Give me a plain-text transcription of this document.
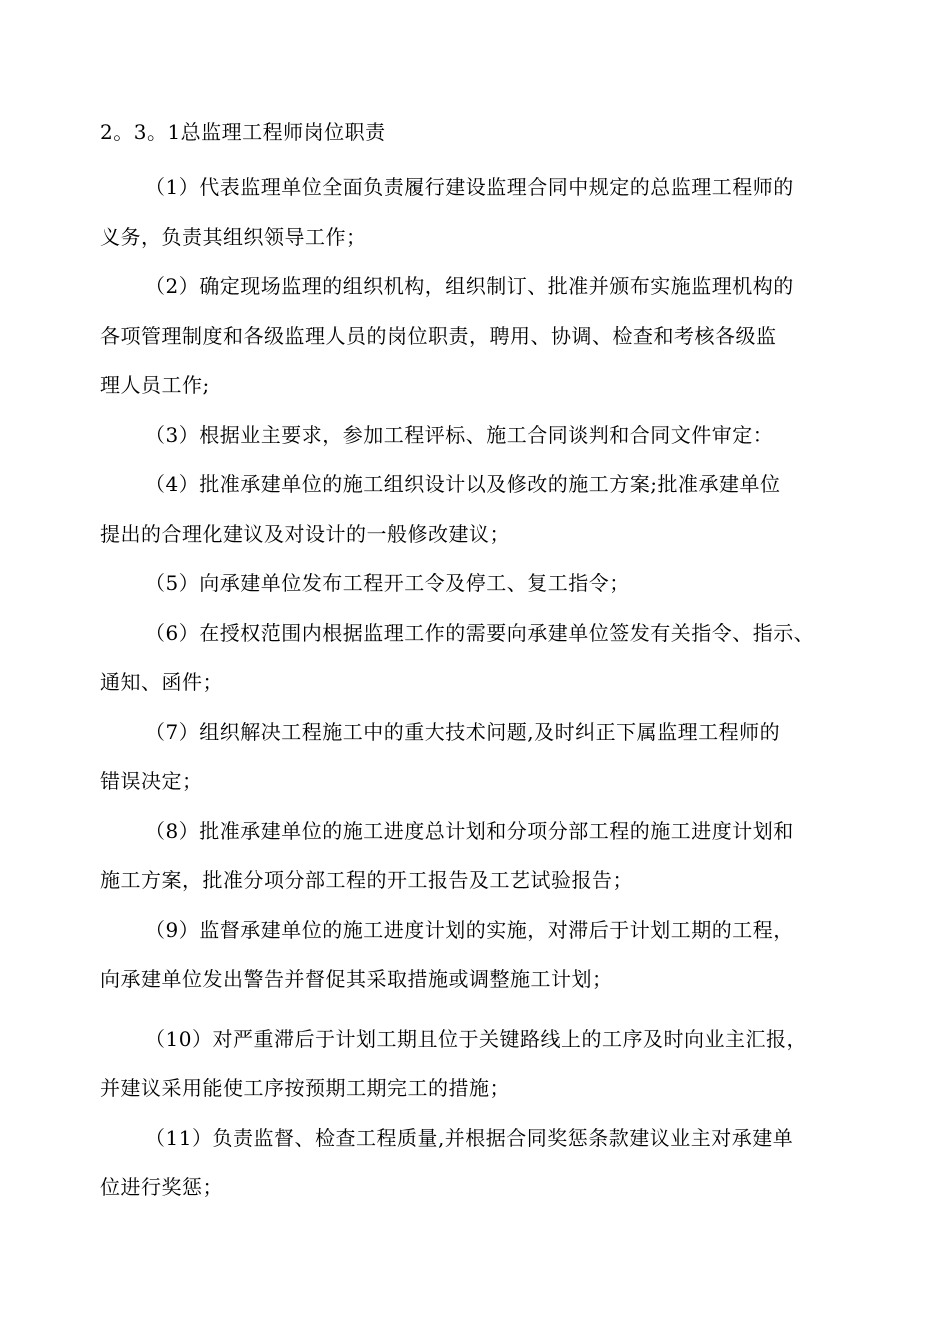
2。3。1总监理工程师岗位职责
（1）代表监理单位全面负责履行建设监理合同中规定的总监理工程师的
义务，负责其组织领导工作；
（2）确定现场监理的组织机构，组织制订、批准并颁布实施监理机构的
各项管理制度和各级监理人员的岗位职责，聘用、协调、检查和考核各级监
理人员工作;
（3）根据业主要求，参加工程评标、施工合同谈判和合同文件审定：
（4）批准承建单位的施工组织设计以及修改的施工方案;批准承建单位
提出的合理化建议及对设计的一般修改建议；
（5）向承建单位发布工程开工令及停工、复工指令；
（6）在授权范围内根据监理工作的需要向承建单位签发有关指令、指示、
通知、函件；
（7）组织解决工程施工中的重大技术问题,及时纠正下属监理工程师的
错误决定；
（8）批准承建单位的施工进度总计划和分项分部工程的施工进度计划和
施工方案，批准分项分部工程的开工报告及工艺试验报告；
（9）监督承建单位的施工进度计划的实施，对滞后于计划工期的工程，
向承建单位发出警告并督促其采取措施或调整施工计划；
（10）对严重滞后于计划工期且位于关键路线上的工序及时向业主汇报，
并建议采用能使工序按预期工期完工的措施；
（11）负责监督、检查工程质量,并根据合同奖惩条款建议业主对承建单
位进行奖惩；
